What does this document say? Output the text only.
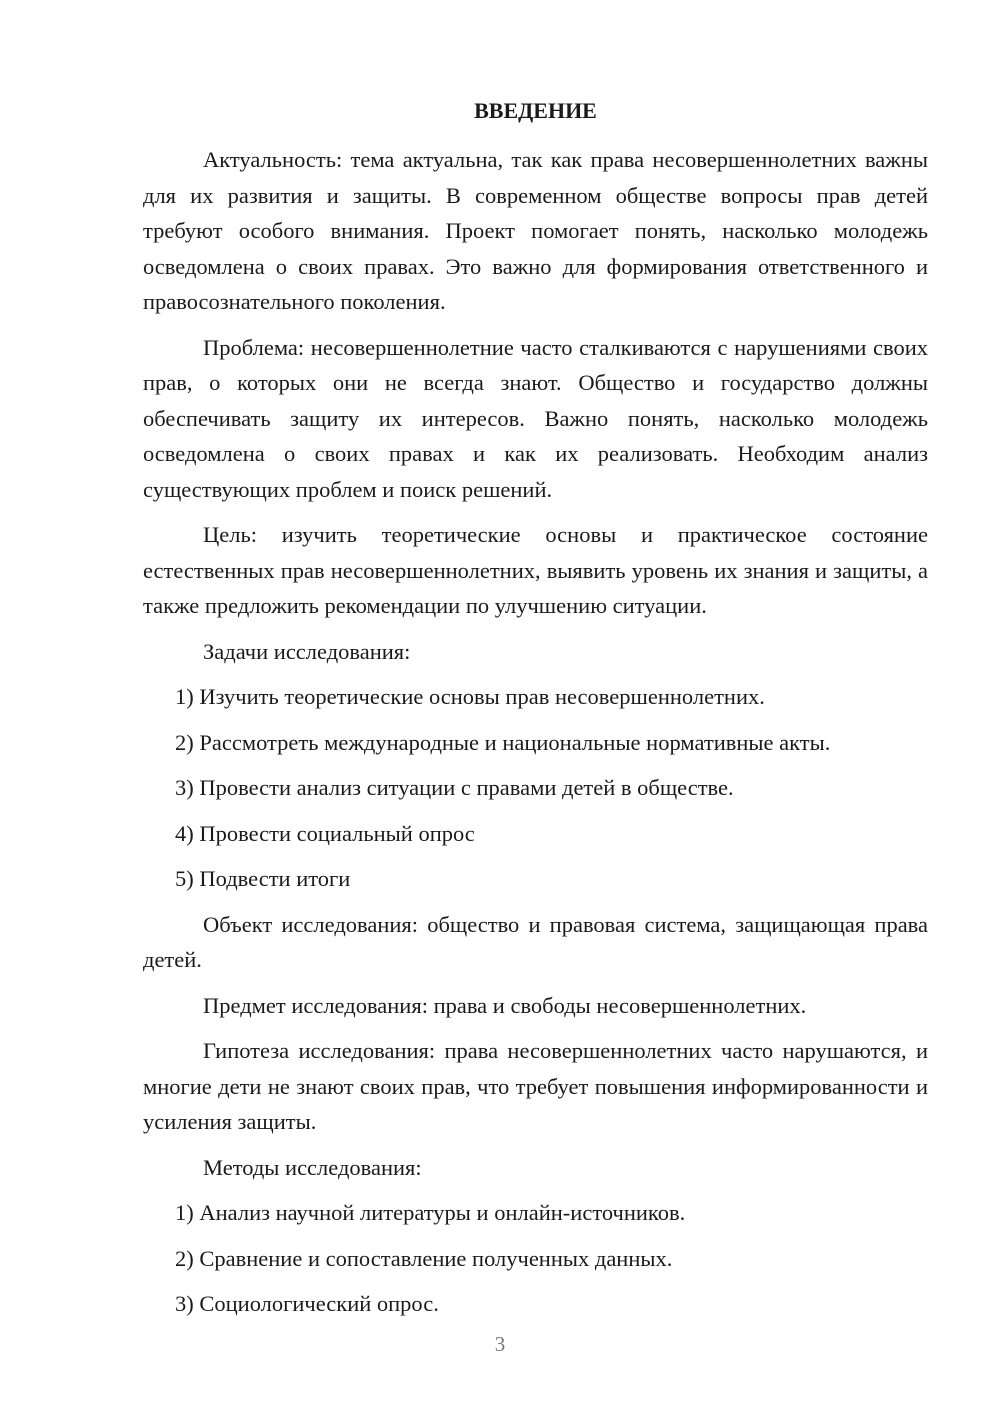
ВВЕДЕНИЕ

Актуальность: тема актуальна, так как права несовершеннолетних важны для их развития и защиты. В современном обществе вопросы прав детей требуют особого внимания. Проект помогает понять, насколько молодежь осведомлена о своих правах. Это важно для формирования ответственного и правосознательного поколения.

Проблема: несовершеннолетние часто сталкиваются с нарушениями своих прав, о которых они не всегда знают. Общество и государство должны обеспечивать защиту их интересов. Важно понять, насколько молодежь осведомлена о своих правах и как их реализовать. Необходим анализ существующих проблем и поиск решений.

Цель: изучить теоретические основы и практическое состояние естественных прав несовершеннолетних, выявить уровень их знания и защиты, а также предложить рекомендации по улучшению ситуации.

Задачи исследования:

1) Изучить теоретические основы прав несовершеннолетних.

2) Рассмотреть международные и национальные нормативные акты.

3) Провести анализ ситуации с правами детей в обществе.

4) Провести социальный опрос

5) Подвести итоги

Объект исследования: общество и правовая система, защищающая права детей.

Предмет исследования: права и свободы несовершеннолетних.

Гипотеза исследования: права несовершеннолетних часто нарушаются, и многие дети не знают своих прав, что требует повышения информированности и усиления защиты.

Методы исследования:

1) Анализ научной литературы и онлайн-источников.

2) Сравнение и сопоставление полученных данных.

3) Социологический опрос.

3
